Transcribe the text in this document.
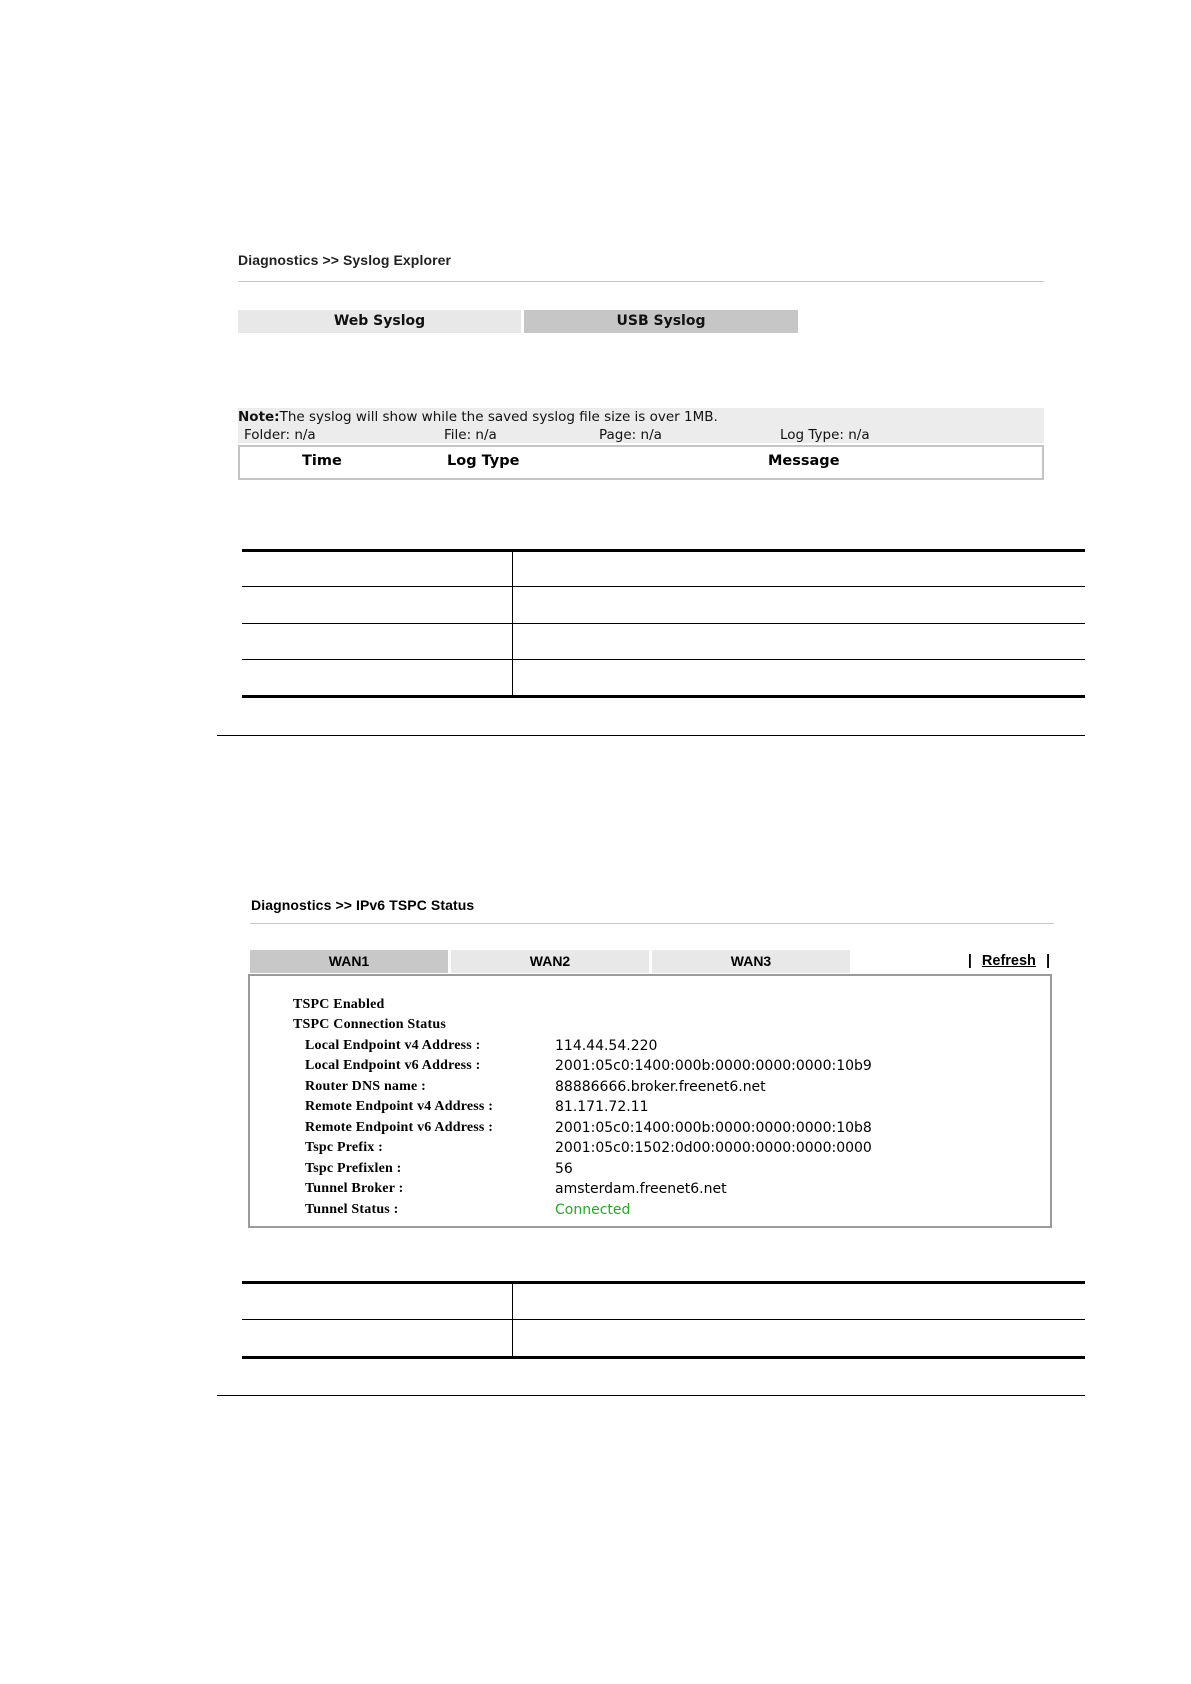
Diagnostics >> Syslog Explorer
Web Syslog	USB Syslog
Note:The syslog will show while the saved syslog file size is over 1MB.
Folder: n/a	File: n/a	Page: n/a	Log Type: n/a
Time	Log Type	Message
Diagnostics >> IPv6 TSPC Status
WAN1	WAN2	WAN3	| Refresh |
TSPC Enabled
TSPC Connection Status
Local Endpoint v4 Address :	114.44.54.220
Local Endpoint v6 Address :	2001:05c0:1400:000b:0000:0000:0000:10b9
Router DNS name :	88886666.broker.freenet6.net
Remote Endpoint v4 Address :	81.171.72.11
Remote Endpoint v6 Address :	2001:05c0:1400:000b:0000:0000:0000:10b8
Tspc Prefix :	2001:05c0:1502:0d00:0000:0000:0000:0000
Tspc Prefixlen :	56
Tunnel Broker :	amsterdam.freenet6.net
Tunnel Status :	Connected
